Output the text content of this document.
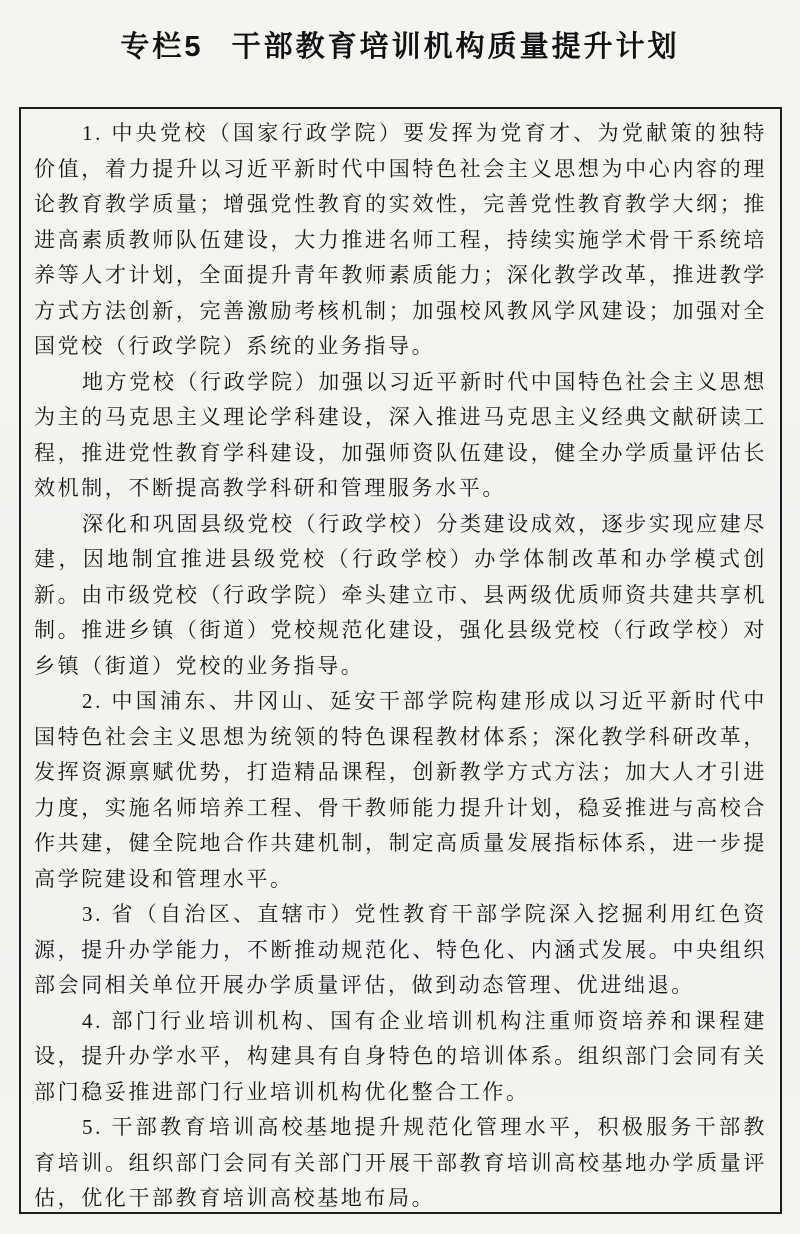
专栏5 干部教育培训机构质量提升计划

1. 中央党校（国家行政学院）要发挥为党育才、为党献策的独特价值，着力提升以习近平新时代中国特色社会主义思想为中心内容的理论教育教学质量；增强党性教育的实效性，完善党性教育教学大纲；推进高素质教师队伍建设，大力推进名师工程，持续实施学术骨干系统培养等人才计划，全面提升青年教师素质能力；深化教学改革，推进教学方式方法创新，完善激励考核机制；加强校风教风学风建设；加强对全国党校（行政学院）系统的业务指导。

地方党校（行政学院）加强以习近平新时代中国特色社会主义思想为主的马克思主义理论学科建设，深入推进马克思主义经典文献研读工程，推进党性教育学科建设，加强师资队伍建设，健全办学质量评估长效机制，不断提高教学科研和管理服务水平。

深化和巩固县级党校（行政学校）分类建设成效，逐步实现应建尽建，因地制宜推进县级党校（行政学校）办学体制改革和办学模式创新。由市级党校（行政学院）牵头建立市、县两级优质师资共建共享机制。推进乡镇（街道）党校规范化建设，强化县级党校（行政学校）对乡镇（街道）党校的业务指导。

2. 中国浦东、井冈山、延安干部学院构建形成以习近平新时代中国特色社会主义思想为统领的特色课程教材体系；深化教学科研改革，发挥资源禀赋优势，打造精品课程，创新教学方式方法；加大人才引进力度，实施名师培养工程、骨干教师能力提升计划，稳妥推进与高校合作共建，健全院地合作共建机制，制定高质量发展指标体系，进一步提高学院建设和管理水平。

3. 省（自治区、直辖市）党性教育干部学院深入挖掘利用红色资源，提升办学能力，不断推动规范化、特色化、内涵式发展。中央组织部会同相关单位开展办学质量评估，做到动态管理、优进绌退。

4. 部门行业培训机构、国有企业培训机构注重师资培养和课程建设，提升办学水平，构建具有自身特色的培训体系。组织部门会同有关部门稳妥推进部门行业培训机构优化整合工作。

5. 干部教育培训高校基地提升规范化管理水平，积极服务干部教育培训。组织部门会同有关部门开展干部教育培训高校基地办学质量评估，优化干部教育培训高校基地布局。
